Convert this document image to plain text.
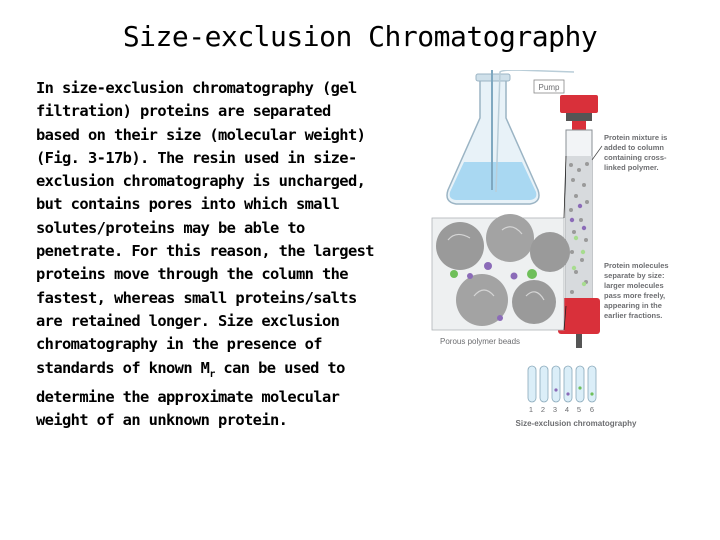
Size-exclusion Chromatography
In size-exclusion chromatography (gel
filtration) proteins are separated
based on their size (molecular weight)
(Fig. 3-17b). The resin used in size-
exclusion chromatography is uncharged,
but contains pores into which small
solutes/proteins may be able to
penetrate. For this reason, the largest
proteins move through the column the
fastest, whereas small proteins/salts
are retained longer. Size exclusion
chromatography in the presence of
standards of known $M_r$ can be used to
determine the approximate molecular
weight of an unknown protein.
Pump
Porous polymer beads
Protein mixture is added to column containing cross- linked polymer.
Protein molecules separate by size: larger molecules pass more freely, appearing in the earlier fractions.
1 2 3 4 5 6
Size-exclusion chromatography
